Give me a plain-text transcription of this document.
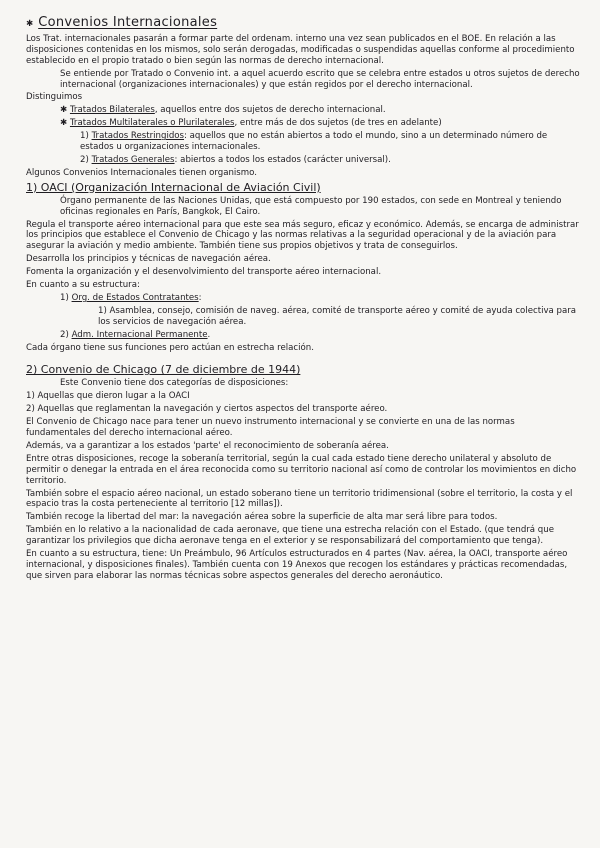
✱ Convenios Internacionales

Los Trat. internacionales pasarán a formar parte del ordenam. interno una vez sean publicados en el BOE. En relación a las disposiciones contenidas en los mismos, solo serán derogadas, modificadas o suspendidas aquellas conforme al procedimiento establecido en el propio tratado o bien según las normas de derecho internacional.

Se entiende por Tratado o Convenio int. a aquel acuerdo escrito que se celebra entre estados u otros sujetos de derecho internacional (organizaciones internacionales) y que están regidos por el derecho internacional.

Distinguimos

✱ Tratados Bilaterales, aquellos entre dos sujetos de derecho internacional.

✱ Tratados Multilaterales o Plurilaterales, entre más de dos sujetos (de tres en adelante)

1) Tratados Restringidos: aquellos que no están abiertos a todo el mundo, sino a un determinado número de estados u organizaciones internacionales.

2) Tratados Generales: abiertos a todos los estados (carácter universal).

Algunos Convenios Internacionales tienen organismo.

1) OACI (Organización Internacional de Aviación Civil)

Órgano permanente de las Naciones Unidas, que está compuesto por 190 estados, con sede en Montreal y teniendo oficinas regionales en París, Bangkok, El Cairo.

Regula el transporte aéreo internacional para que este sea más seguro, eficaz y económico. Además, se encarga de administrar los principios que establece el Convenio de Chicago y las normas relativas a la seguridad operacional y de la aviación para asegurar la aviación y medio ambiente. También tiene sus propios objetivos y trata de conseguirlos.

Desarrolla los principios y técnicas de navegación aérea.

Fomenta la organización y el desenvolvimiento del transporte aéreo internacional.

En cuanto a su estructura:

1) Org. de Estados Contratantes:

1) Asamblea, consejo, comisión de naveg. aérea, comité de transporte aéreo y comité de ayuda colectiva para los servicios de navegación aérea.

2) Adm. Internacional Permanente.

Cada órgano tiene sus funciones pero actúan en estrecha relación.

2) Convenio de Chicago (7 de diciembre de 1944)

Este Convenio tiene dos categorías de disposiciones:

1) Aquellas que dieron lugar a la OACI

2) Aquellas que reglamentan la navegación y ciertos aspectos del transporte aéreo.

El Convenio de Chicago nace para tener un nuevo instrumento internacional y se convierte en una de las normas fundamentales del derecho internacional aéreo.

Además, va a garantizar a los estados 'parte' el reconocimiento de soberanía aérea.

Entre otras disposiciones, recoge la soberanía territorial, según la cual cada estado tiene derecho unilateral y absoluto de permitir o denegar la entrada en el área reconocida como su territorio nacional así como de controlar los movimientos en dicho territorio.

También sobre el espacio aéreo nacional, un estado soberano tiene un territorio tridimensional (sobre el territorio, la costa y el espacio tras la costa perteneciente al territorio [12 millas]).

También recoge la libertad del mar: la navegación aérea sobre la superficie de alta mar será libre para todos.

También en lo relativo a la nacionalidad de cada aeronave, que tiene una estrecha relación con el Estado. (que tendrá que garantizar los privilegios que dicha aeronave tenga en el exterior y se responsabilizará del comportamiento que tenga).

En cuanto a su estructura, tiene: Un Preámbulo, 96 Artículos estructurados en 4 partes (Nav. aérea, la OACI, transporte aéreo internacional, y disposiciones finales). También cuenta con 19 Anexos que recogen los estándares y prácticas recomendadas, que sirven para elaborar las normas técnicas sobre aspectos generales del derecho aeronáutico.
